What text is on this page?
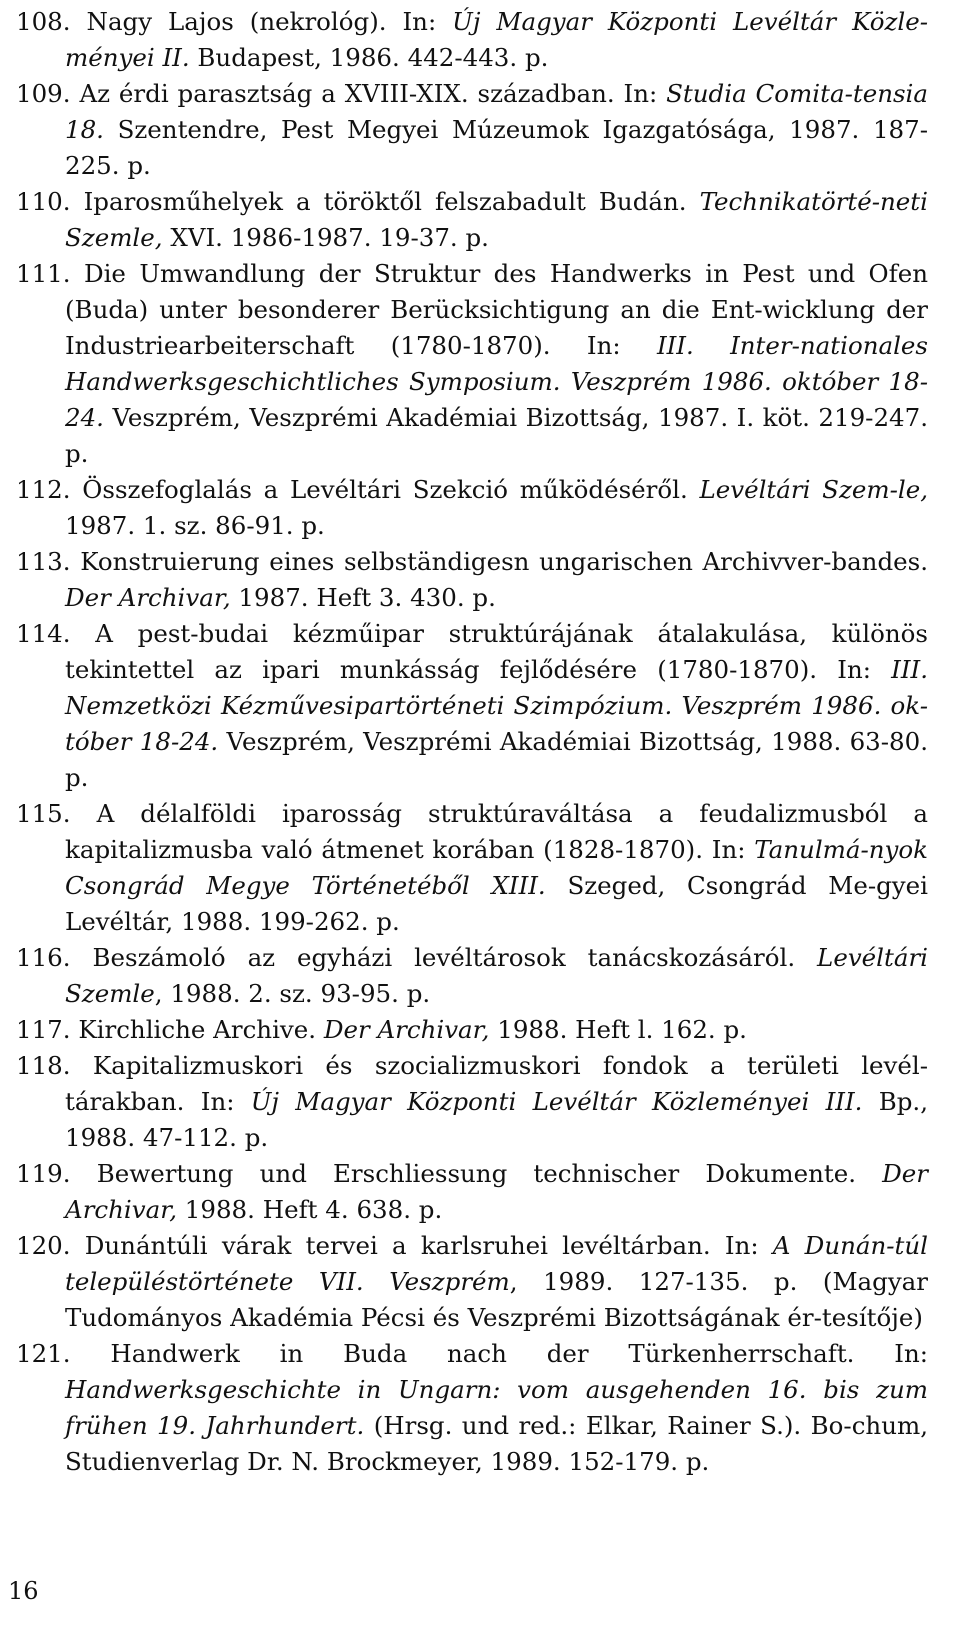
108. Nagy Lajos (nekrológ). In: Új Magyar Központi Levéltár Közle-ményei II. Budapest, 1986. 442-443. p.
109. Az érdi parasztság a XVIII-XIX. században. In: Studia Comita-tensia 18. Szentendre, Pest Megyei Múzeumok Igazgatósága, 1987. 187-225. p.
110. Iparosműhelyek a töröktől felszabadult Budán. Technikatörté-neti Szemle, XVI. 1986-1987. 19-37. p.
111. Die Umwandlung der Struktur des Handwerks in Pest und Ofen (Buda) unter besonderer Berücksichtigung an die Ent-wicklung der Industriearbeiterschaft (1780-1870). In: III. Inter-nationales Handwerksgeschichtliches Symposium. Veszprém 1986. október 18-24. Veszprém, Veszprémi Akadémiai Bizottság, 1987. I. köt. 219-247. p.
112. Összefoglalás a Levéltári Szekció működéséről. Levéltári Szem-le, 1987. 1. sz. 86-91. p.
113. Konstruierung eines selbständigesn ungarischen Archivver-bandes. Der Archivar, 1987. Heft 3. 430. p.
114. A pest-budai kézműipar struktúrájának átalakulása, különös tekintettel az ipari munkásság fejlődésére (1780-1870). In: III. Nemzetközi Kézművesipartörténeti Szimpózium. Veszprém 1986. ok-tóber 18-24. Veszprém, Veszprémi Akadémiai Bizottság, 1988. 63-80. p.
115. A délalföldi iparosság struktúraváltása a feudalizmusból a kapitalizmusba való átmenet korában (1828-1870). In: Tanulmá-nyok Csongrád Megye Történetéből XIII. Szeged, Csongrád Me-gyei Levéltár, 1988. 199-262. p.
116. Beszámoló az egyházi levéltárosok tanácskozásáról. Levéltári Szemle, 1988. 2. sz. 93-95. p.
117. Kirchliche Archive. Der Archivar, 1988. Heft l. 162. p.
118. Kapitalizmuskori és szocializmuskori fondok a területi levél-tárakban. In: Új Magyar Központi Levéltár Közleményei III. Bp., 1988. 47-112. p.
119. Bewertung und Erschliessung technischer Dokumente. Der Archivar, 1988. Heft 4. 638. p.
120. Dunántúli várak tervei a karlsruhei levéltárban. In: A Dunán-túl településtörténete VII. Veszprém, 1989. 127-135. p. (Magyar Tudományos Akadémia Pécsi és Veszprémi Bizottságának ér-tesítője)
121. Handwerk in Buda nach der Türkenherrschaft. In: Handwerksgeschichte in Ungarn: vom ausgehenden 16. bis zum frühen 19. Jahrhundert. (Hrsg. und red.: Elkar, Rainer S.). Bo-chum, Studienverlag Dr. N. Brockmeyer, 1989. 152-179. p.
16
